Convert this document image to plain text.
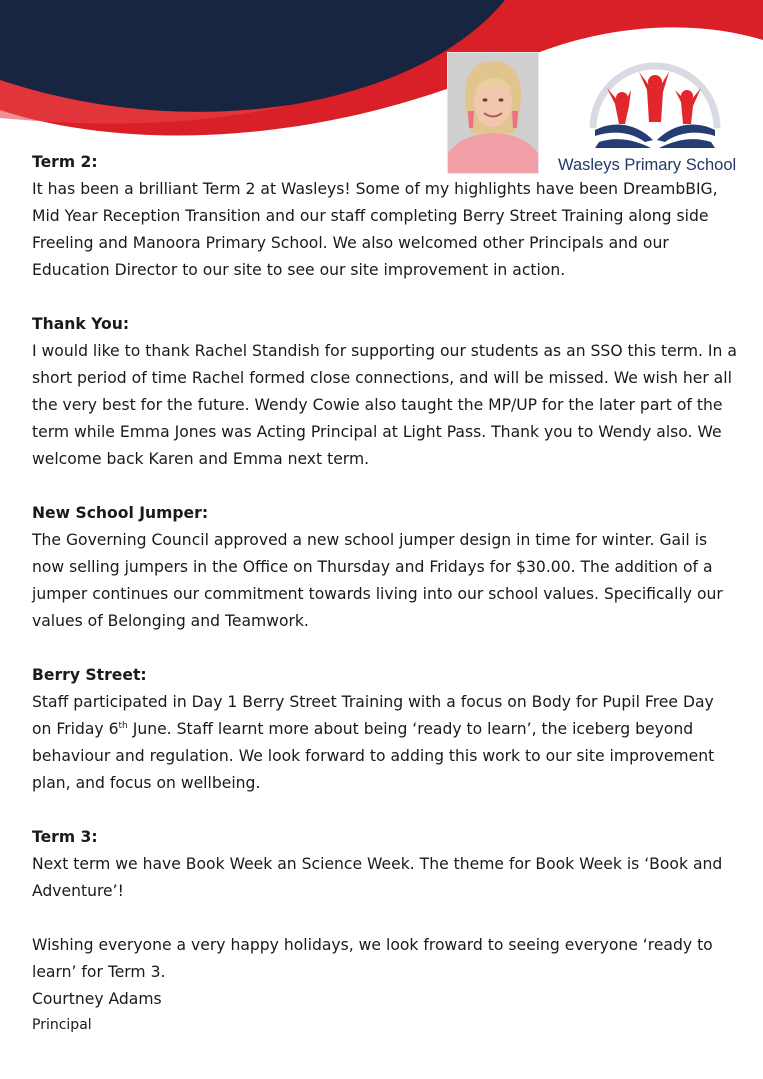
Wasleys Primary School

Term 2:

It has been a brilliant Term 2 at Wasleys! Some of my highlights have been DreambBIG, Mid Year Reception Transition and our staff completing Berry Street Training along side Freeling and Manoora Primary School. We also welcomed other Principals and our Education Director to our site to see our site improvement in action.

Thank You:

I would like to thank Rachel Standish for supporting our students as an SSO this term. In a short period of time Rachel formed close connections, and will be missed. We wish her all the very best for the future. Wendy Cowie also taught the MP/UP for the later part of the term while Emma Jones was Acting Principal at Light Pass. Thank you to Wendy also. We welcome back Karen and Emma next term.

New School Jumper:

The Governing Council approved a new school jumper design in time for winter. Gail is now selling jumpers in the Office on Thursday and Fridays for $30.00. The addition of a jumper continues our commitment towards living into our school values. Specifically our values of Belonging and Teamwork.

Berry Street:

Staff participated in Day 1 Berry Street Training with a focus on Body for Pupil Free Day on Friday 6th June. Staff learnt more about being ‘ready to learn’, the iceberg beyond behaviour and regulation. We look forward to adding this work to our site improvement plan, and focus on wellbeing.

Term 3:

Next term we have Book Week an Science Week. The theme for Book Week is ‘Book and Adventure’!

Wishing everyone a very happy holidays, we look froward to seeing everyone ‘ready to learn’ for Term 3.

Courtney Adams

Principal
